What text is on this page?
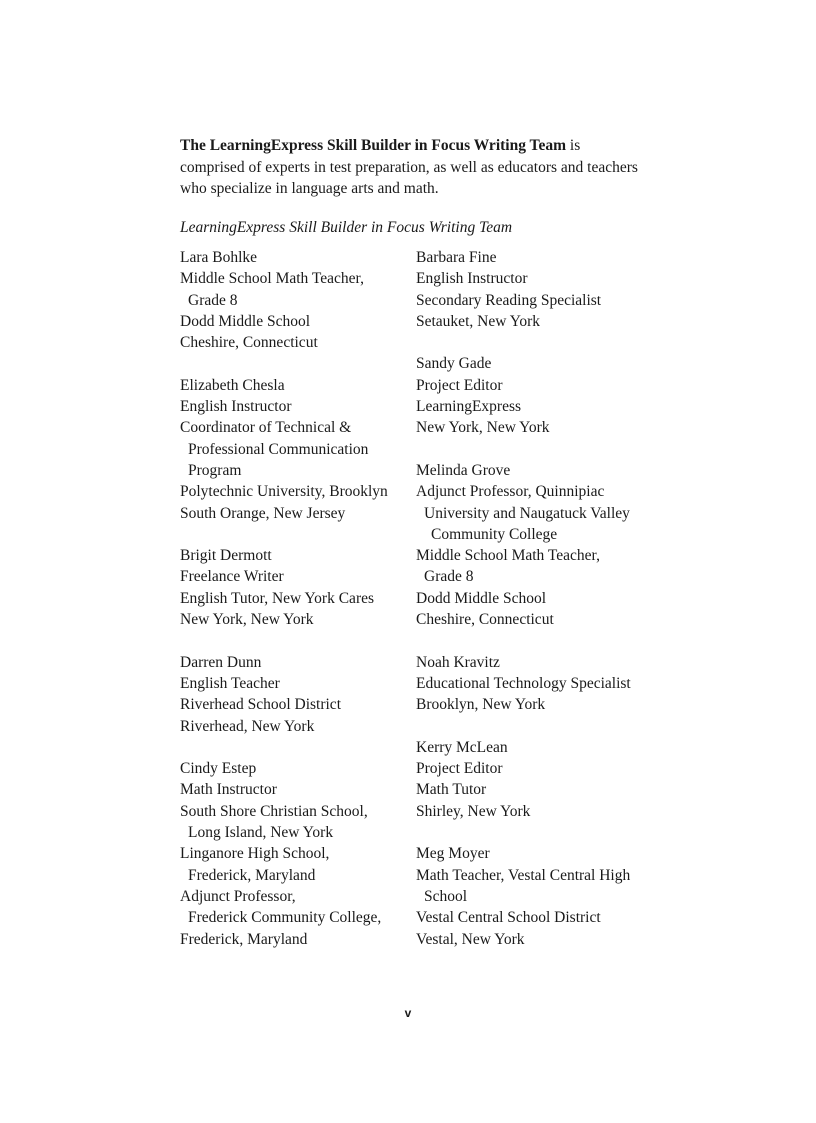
The LearningExpress Skill Builder in Focus Writing Team is comprised of experts in test preparation, as well as educators and teachers who specialize in language arts and math.

LearningExpress Skill Builder in Focus Writing Team

Lara Bohlke
Middle School Math Teacher,
Grade 8
Dodd Middle School
Cheshire, Connecticut
Elizabeth Chesla
English Instructor
Coordinator of Technical &
Professional Communication
Program
Polytechnic University, Brooklyn
South Orange, New Jersey
Brigit Dermott
Freelance Writer
English Tutor, New York Cares
New York, New York
Darren Dunn
English Teacher
Riverhead School District
Riverhead, New York
Cindy Estep
Math Instructor
South Shore Christian School,
Long Island, New York
Linganore High School,
Frederick, Maryland
Adjunct Professor,
Frederick Community College,
Frederick, Maryland
Barbara Fine
English Instructor
Secondary Reading Specialist
Setauket, New York
Sandy Gade
Project Editor
LearningExpress
New York, New York
Melinda Grove
Adjunct Professor, Quinnipiac
University and Naugatuck Valley
Community College
Middle School Math Teacher,
Grade 8
Dodd Middle School
Cheshire, Connecticut
Noah Kravitz
Educational Technology Specialist
Brooklyn, New York
Kerry McLean
Project Editor
Math Tutor
Shirley, New York
Meg Moyer
Math Teacher, Vestal Central High
School
Vestal Central School District
Vestal, New York
v
